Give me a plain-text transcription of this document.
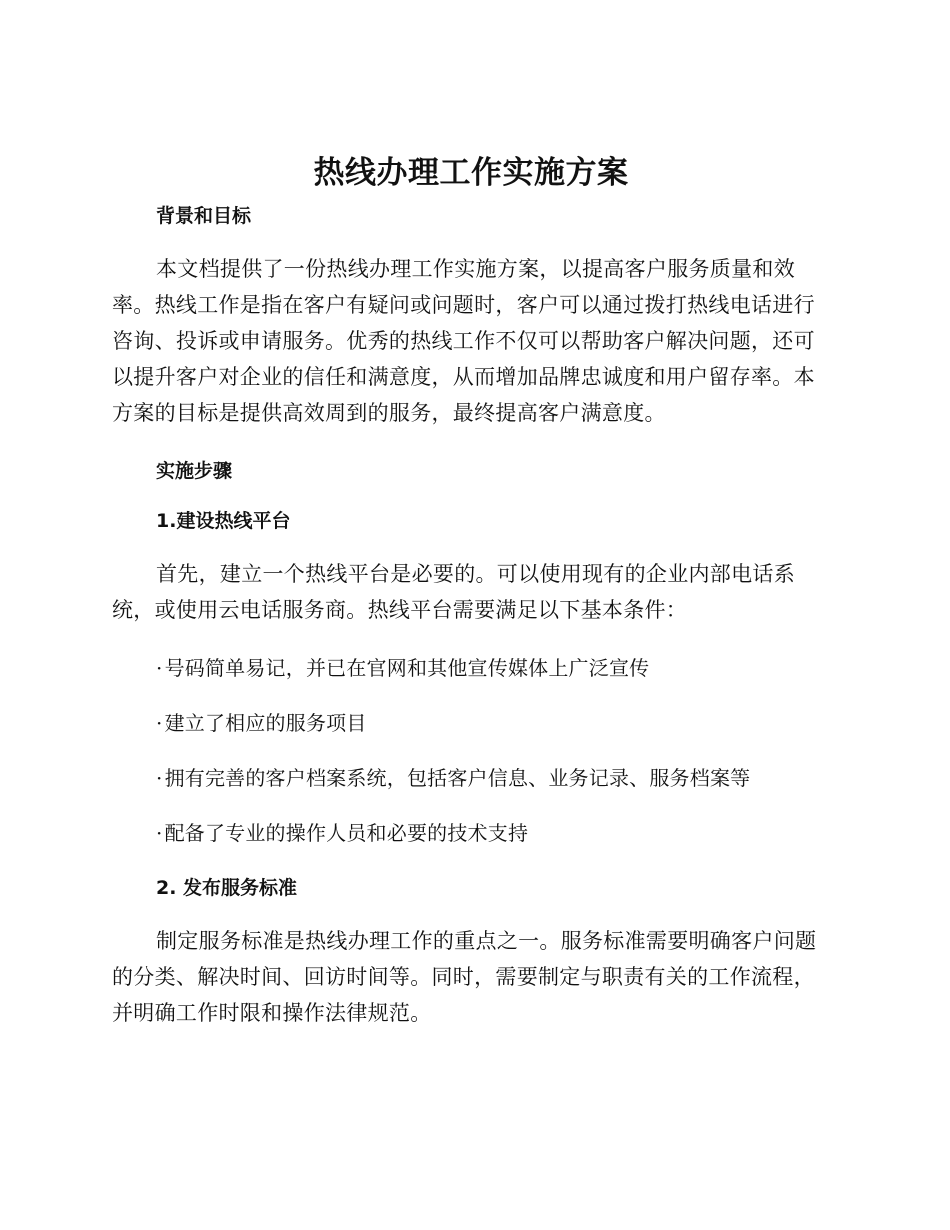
热线办理工作实施方案
背景和目标

本文档提供了一份热线办理工作实施方案，以提高客户服务质量和效率。热线工作是指在客户有疑问或问题时，客户可以通过拨打热线电话进行咨询、投诉或申请服务。优秀的热线工作不仅可以帮助客户解决问题，还可以提升客户对企业的信任和满意度，从而增加品牌忠诚度和用户留存率。本方案的目标是提供高效周到的服务，最终提高客户满意度。

实施步骤
1.建设热线平台

首先，建立一个热线平台是必要的。可以使用现有的企业内部电话系统，或使用云电话服务商。热线平台需要满足以下基本条件：

· 号码简单易记，并已在官网和其他宣传媒体上广泛宣传

· 建立了相应的服务项目

· 拥有完善的客户档案系统，包括客户信息、业务记录、服务档案等

· 配备了专业的操作人员和必要的技术支持

2. 发布服务标准

制定服务标准是热线办理工作的重点之一。服务标准需要明确客户问题的分类、解决时间、回访时间等。同时，需要制定与职责有关的工作流程，并明确工作时限和操作法律规范。
